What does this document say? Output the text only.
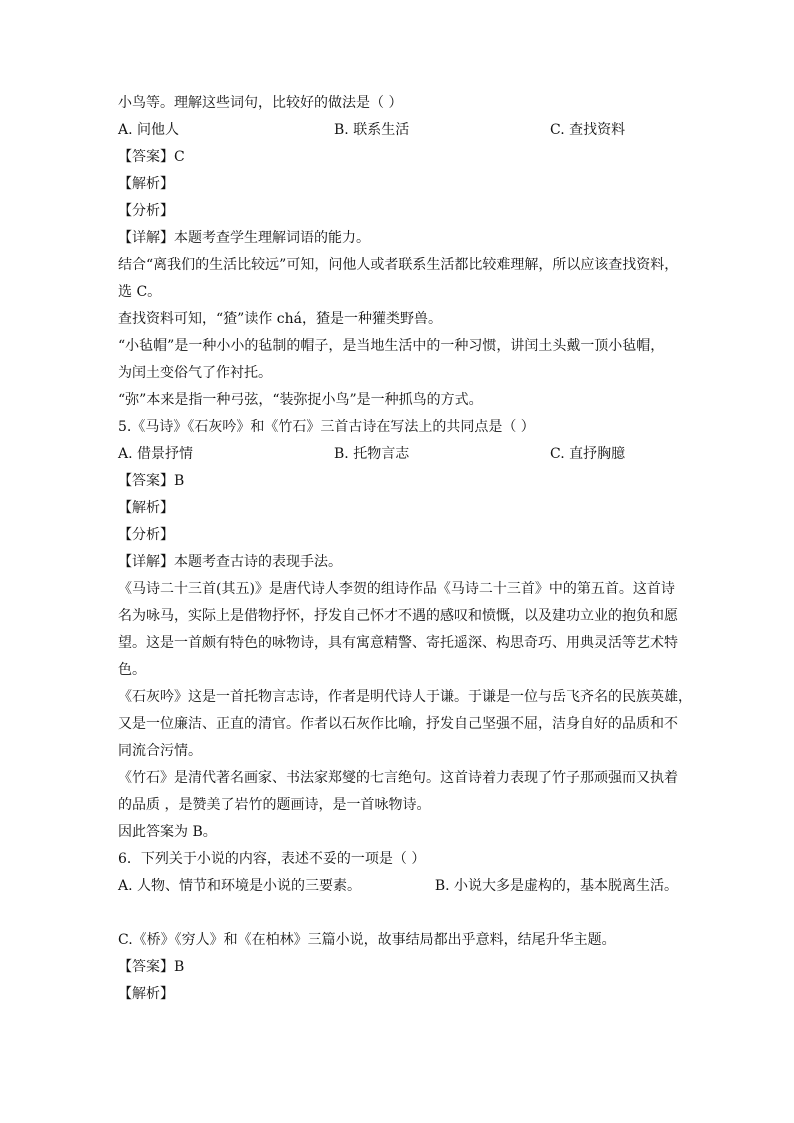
小鸟等。理解这些词句，比较好的做法是（ ）
A. 问他人	B. 联系生活	C. 查找资料
【答案】C
【解析】
【分析】
【详解】本题考查学生理解词语的能力。
结合“离我们的生活比较远”可知，问他人或者联系生活都比较难理解，所以应该查找资料，
选 C。
查找资料可知，“猹”读作 chá，猹是一种獾类野兽。
“小毡帽”是一种小小的毡制的帽子，是当地生活中的一种习惯，讲闰土头戴一顶小毡帽，
为闰土变俗气了作衬托。
“弥”本来是指一种弓弦，“装弥捉小鸟”是一种抓鸟的方式。
5.《马诗》《石灰吟》和《竹石》三首古诗在写法上的共同点是（ ）
A. 借景抒情	B. 托物言志	C. 直抒胸臆
【答案】B
【解析】
【分析】
【详解】本题考查古诗的表现手法。
《马诗二十三首(其五)》是唐代诗人李贺的组诗作品《马诗二十三首》中的第五首。这首诗
名为咏马，实际上是借物抒怀，抒发自己怀才不遇的感叹和愤慨，以及建功立业的抱负和愿
望。这是一首颇有特色的咏物诗，具有寓意精警、寄托遥深、构思奇巧、用典灵活等艺术特
色。
《石灰吟》这是一首托物言志诗，作者是明代诗人于谦。于谦是一位与岳飞齐名的民族英雄，
又是一位廉洁、正直的清官。作者以石灰作比喻，抒发自己坚强不屈，洁身自好的品质和不
同流合污情。
《竹石》是清代著名画家、书法家郑燮的七言绝句。这首诗着力表现了竹子那顽强而又执着
的品质 ，是赞美了岩竹的题画诗，是一首咏物诗。
因此答案为 B。
6．下列关于小说的内容，表述不妥的一项是（ ）
A. 人物、情节和环境是小说的三要素。	B. 小说大多是虚构的，基本脱离生活。
C.《桥》《穷人》和《在柏林》三篇小说，故事结局都出乎意料，结尾升华主题。
【答案】B
【解析】
